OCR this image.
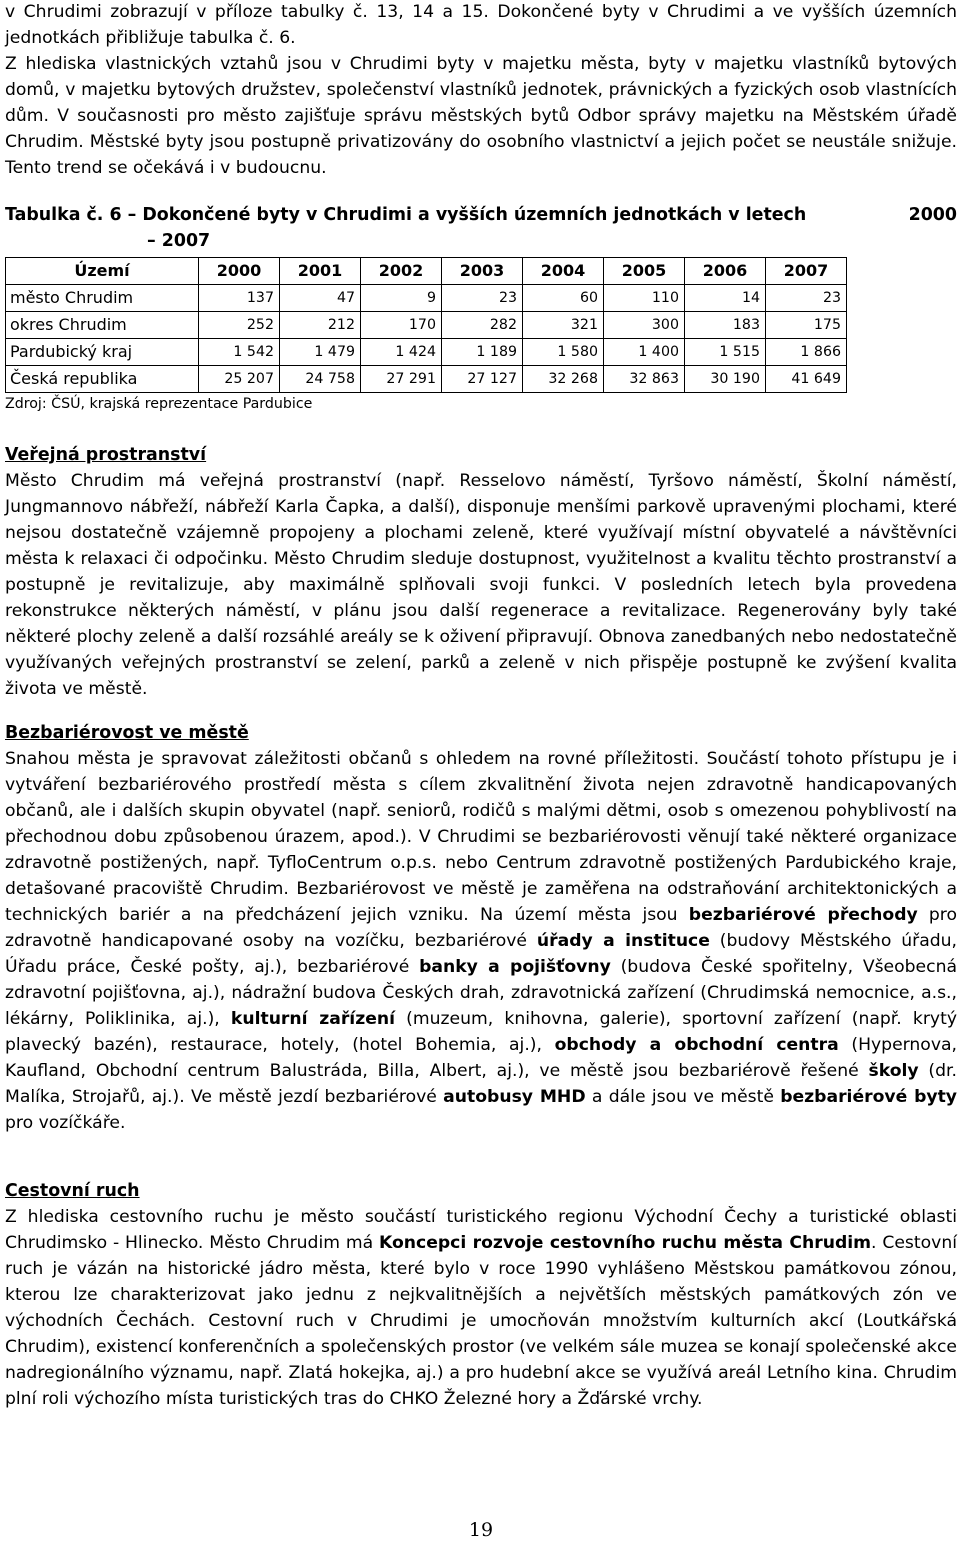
v Chrudimi zobrazují v příloze tabulky č. 13, 14 a 15. Dokončené byty v Chrudimi a ve vyšších územních jednotkách přibližuje tabulka č. 6.

Z hlediska vlastnických vztahů jsou v Chrudimi byty v majetku města, byty v majetku vlastníků bytových domů, v majetku bytových družstev, společenství vlastníků jednotek, právnických a fyzických osob vlastnících dům. V současnosti pro město zajišťuje správu městských bytů Odbor správy majetku na Městském úřadě Chrudim. Městské byty jsou postupně privatizovány do osobního vlastnictví a jejich počet se neustále snižuje. Tento trend se očekává i v budoucnu.

Tabulka č. 6 – Dokončené byty v Chrudimi a vyšších územních jednotkách v letech	2000
– 2007
Území	2000	2001	2002	2003	2004	2005	2006	2007
město Chrudim	137	47	9	23	60	110	14	23
okres Chrudim	252	212	170	282	321	300	183	175
Pardubický kraj	1 542	1 479	1 424	1 189	1 580	1 400	1 515	1 866
Česká republika	25 207	24 758	27 291	27 127	32 268	32 863	30 190	41 649
Zdroj: ČSÚ, krajská reprezentace Pardubice
Veřejná prostranství

Město Chrudim má veřejná prostranství (např. Resselovo náměstí, Tyršovo náměstí, Školní náměstí, Jungmannovo nábřeží, nábřeží Karla Čapka, a další), disponuje menšími parkově upravenými plochami, které nejsou dostatečně vzájemně propojeny a plochami zeleně, které využívají místní obyvatelé a návštěvníci města k relaxaci či odpočinku. Město Chrudim sleduje dostupnost, využitelnost a kvalitu těchto prostranství a postupně je revitalizuje, aby maximálně splňovali svoji funkci. V posledních letech byla provedena rekonstrukce některých náměstí, v plánu jsou další regenerace a revitalizace. Regenerovány byly také některé plochy zeleně a další rozsáhlé areály se k oživení připravují. Obnova zanedbaných nebo nedostatečně využívaných veřejných prostranství se zelení, parků a zeleně v nich přispěje postupně ke zvýšení kvalita života ve městě.

Bezbariérovost ve městě

Snahou města je spravovat záležitosti občanů s ohledem na rovné příležitosti. Součástí tohoto přístupu je i vytváření bezbariérového prostředí města s cílem zkvalitnění života nejen zdravotně handicapovaných občanů, ale i dalších skupin obyvatel (např. seniorů, rodičů s malými dětmi, osob s omezenou pohyblivostí na přechodnou dobu způsobenou úrazem, apod.). V Chrudimi se bezbariérovosti věnují také některé organizace zdravotně postižených, např. TyfloCentrum o.p.s. nebo Centrum zdravotně postižených Pardubického kraje, detašované pracoviště Chrudim. Bezbariérovost ve městě je zaměřena na odstraňování architektonických a technických bariér a na předcházení jejich vzniku. Na území města jsou bezbariérové přechody pro zdravotně handicapované osoby na vozíčku, bezbariérové úřady a instituce (budovy Městského úřadu, Úřadu práce, České pošty, aj.), bezbariérové banky a pojišťovny (budova České spořitelny, Všeobecná zdravotní pojišťovna, aj.), nádražní budova Českých drah, zdravotnická zařízení (Chrudimská nemocnice, a.s., lékárny, Poliklinika, aj.), kulturní zařízení (muzeum, knihovna, galerie), sportovní zařízení (např. krytý plavecký bazén), restaurace, hotely, (hotel Bohemia, aj.), obchody a obchodní centra (Hypernova, Kaufland, Obchodní centrum Balustráda, Billa, Albert, aj.), ve městě jsou bezbariérově řešené školy (dr. Malíka, Strojařů, aj.). Ve městě jezdí bezbariérové autobusy MHD a dále jsou ve městě bezbariérové byty pro vozíčkáře.

Cestovní ruch

Z hlediska cestovního ruchu je město součástí turistického regionu Východní Čechy a turistické oblasti Chrudimsko - Hlinecko. Město Chrudim má Koncepci rozvoje cestovního ruchu města Chrudim. Cestovní ruch je vázán na historické jádro města, které bylo v roce 1990 vyhlášeno Městskou památkovou zónou, kterou lze charakterizovat jako jednu z nejkvalitnějších a největších městských památkových zón ve východních Čechách. Cestovní ruch v Chrudimi je umocňován množstvím kulturních akcí (Loutkářská Chrudim), existencí konferenčních a společenských prostor (ve velkém sále muzea se konají společenské akce nadregionálního významu, např. Zlatá hokejka, aj.) a pro hudební akce se využívá areál Letního kina. Chrudim plní roli výchozího místa turistických tras do CHKO Železné hory a Žďárské vrchy.

19
